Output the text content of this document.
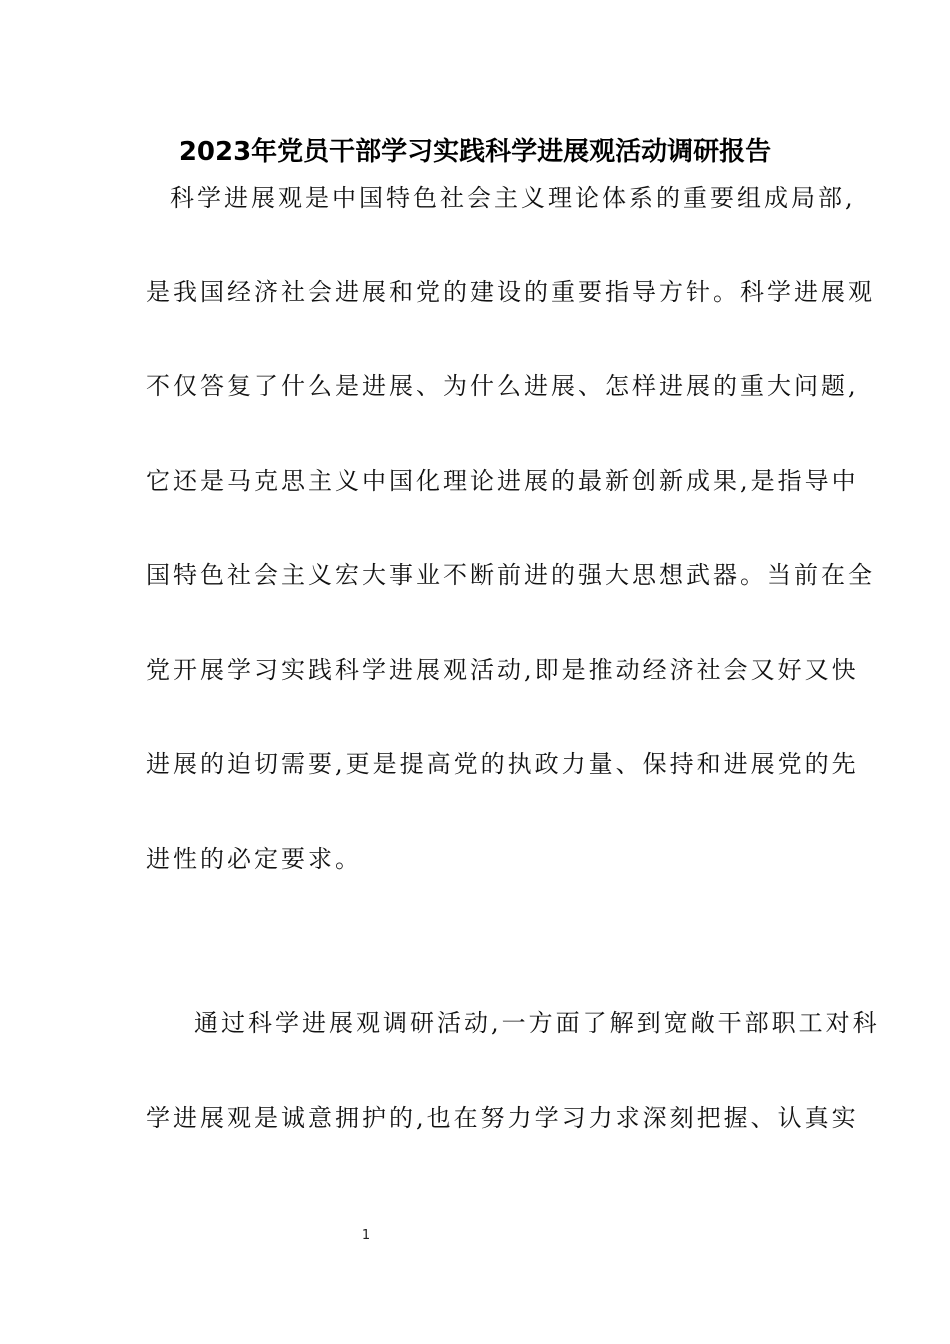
2023年党员干部学习实践科学进展观活动调研报告
科学进展观是中国特色社会主义理论体系的重要组成局部,
是我国经济社会进展和党的建设的重要指导方针。科学进展观
不仅答复了什么是进展、为什么进展、怎样进展的重大问题,
它还是马克思主义中国化理论进展的最新创新成果,是指导中
国特色社会主义宏大事业不断前进的强大思想武器。当前在全
党开展学习实践科学进展观活动,即是推动经济社会又好又快
进展的迫切需要,更是提高党的执政力量、保持和进展党的先
进性的必定要求。
通过科学进展观调研活动,一方面了解到宽敞干部职工对科
学进展观是诚意拥护的,也在努力学习力求深刻把握、认真实
1
